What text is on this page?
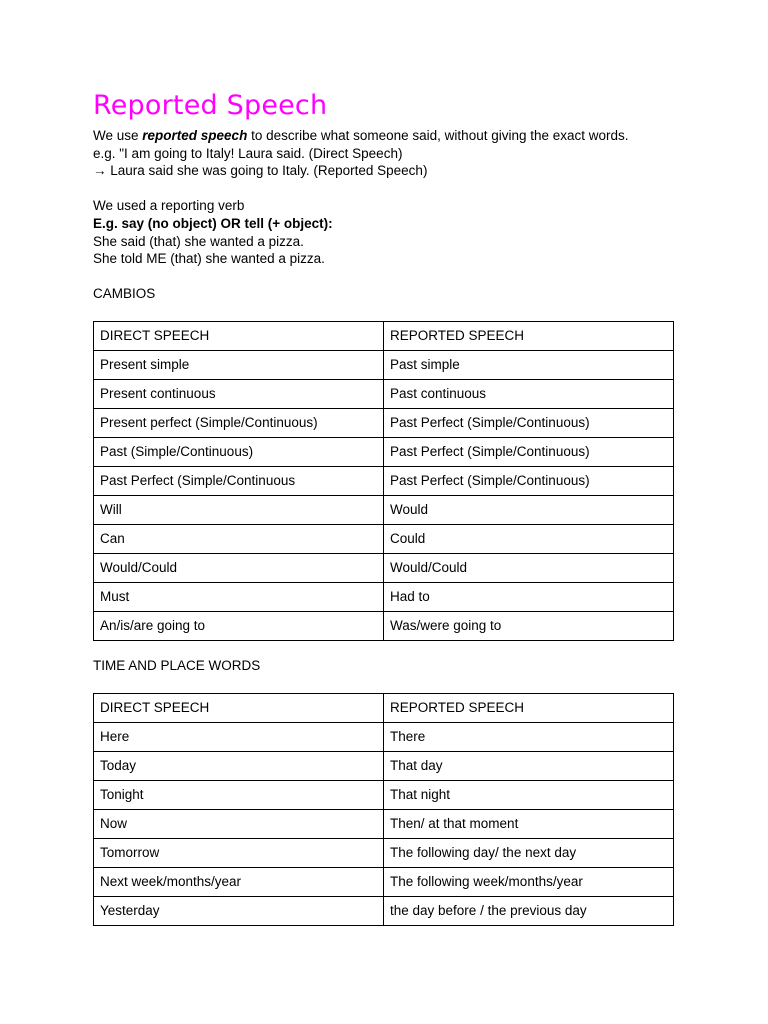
Reported Speech
We use reported speech to describe what someone said, without giving the exact words.
e.g. "I am going to Italy! Laura said. (Direct Speech)
→ Laura said she was going to Italy. (Reported Speech)
We used a reporting verb
E.g. say (no object) OR tell (+ object):
She said (that) she wanted a pizza.
She told ME (that) she wanted a pizza.
CAMBIOS
DIRECT SPEECH	REPORTED SPEECH
Present simple	Past simple
Present continuous	Past continuous
Present perfect (Simple/Continuous)	Past Perfect (Simple/Continuous)
Past (Simple/Continuous)	Past Perfect (Simple/Continuous)
Past Perfect (Simple/Continuous	Past Perfect (Simple/Continuous)
Will	Would
Can	Could
Would/Could	Would/Could
Must	Had to
An/is/are going to	Was/were going to
TIME AND PLACE WORDS
DIRECT SPEECH	REPORTED SPEECH
Here	There
Today	That day
Tonight	That night
Now	Then/ at that moment
Tomorrow	The following day/ the next day
Next week/months/year	The following week/months/year
Yesterday	the day before / the previous day
